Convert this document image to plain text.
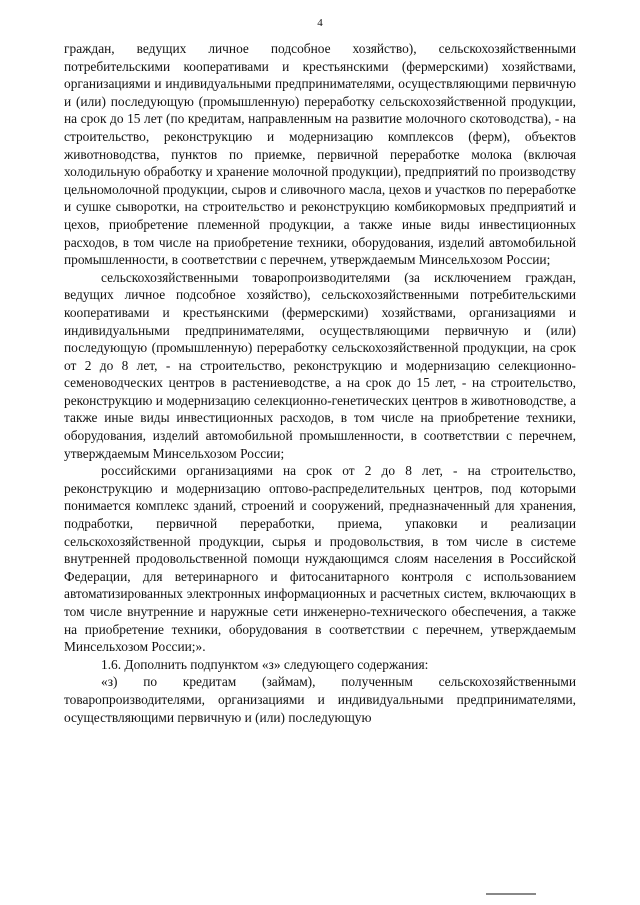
4

граждан, ведущих личное подсобное хозяйство), сельскохозяйственными потребительскими кооперативами и крестьянскими (фермерскими) хозяйствами, организациями и индивидуальными предпринимателями, осуществляющими первичную и (или) последующую (промышленную) переработку сельскохозяйственной продукции, на срок до 15 лет (по кредитам, направленным на развитие молочного скотоводства), - на строительство, реконструкцию и модернизацию комплексов (ферм), объектов животноводства, пунктов по приемке, первичной переработке молока (включая холодильную обработку и хранение молочной продукции), предприятий по производству цельномолочной продукции, сыров и сливочного масла, цехов и участков по переработке и сушке сыворотки, на строительство и реконструкцию комбикормовых предприятий и цехов, приобретение племенной продукции, а также иные виды инвестиционных расходов, в том числе на приобретение техники, оборудования, изделий автомобильной промышленности, в соответствии с перечнем, утверждаемым Минсельхозом России;

сельскохозяйственными товаропроизводителями (за исключением граждан, ведущих личное подсобное хозяйство), сельскохозяйственными потребительскими кооперативами и крестьянскими (фермерскими) хозяйствами, организациями и индивидуальными предпринимателями, осуществляющими первичную и (или) последующую (промышленную) переработку сельскохозяйственной продукции, на срок от 2 до 8 лет, - на строительство, реконструкцию и модернизацию селекционно-семеноводческих центров в растениеводстве, а на срок до 15 лет, - на строительство, реконструкцию и модернизацию селекционно-генетических центров в животноводстве, а также иные виды инвестиционных расходов, в том числе на приобретение техники, оборудования, изделий автомобильной промышленности, в соответствии с перечнем, утверждаемым Минсельхозом России;

российскими организациями на срок от 2 до 8 лет, - на строительство, реконструкцию и модернизацию оптово-распределительных центров, под которыми понимается комплекс зданий, строений и сооружений, предназначенный для хранения, подработки, первичной переработки, приема, упаковки и реализации сельскохозяйственной продукции, сырья и продовольствия, в том числе в системе внутренней продовольственной помощи нуждающимся слоям населения в Российской Федерации, для ветеринарного и фитосанитарного контроля с использованием автоматизированных электронных информационных и расчетных систем, включающих в том числе внутренние и наружные сети инженерно-технического обеспечения, а также на приобретение техники, оборудования в соответствии с перечнем, утверждаемым Минсельхозом России;».

1.6. Дополнить подпунктом «з» следующего содержания:

«з) по кредитам (займам), полученным сельскохозяйственными товаропроизводителями, организациями и индивидуальными предпринимателями, осуществляющими первичную и (или) последующую
